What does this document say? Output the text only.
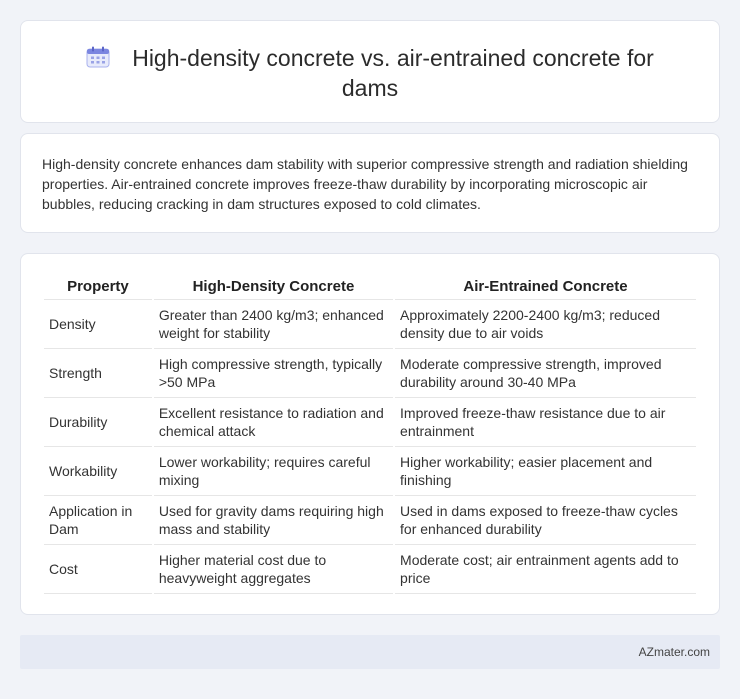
High-density concrete vs. air-entrained concrete for dams

High-density concrete enhances dam stability with superior compressive strength and radiation shielding properties. Air-entrained concrete improves freeze-thaw durability by incorporating microscopic air bubbles, reducing cracking in dam structures exposed to cold climates.

Property	High-Density Concrete	Air-Entrained Concrete
Density	Greater than 2400 kg/m3; enhanced weight for stability	Approximately 2200-2400 kg/m3; reduced density due to air voids
Strength	High compressive strength, typically >50 MPa	Moderate compressive strength, improved durability around 30-40 MPa
Durability	Excellent resistance to radiation and chemical attack	Improved freeze-thaw resistance due to air entrainment
Workability	Lower workability; requires careful mixing	Higher workability; easier placement and finishing
Application in Dam	Used for gravity dams requiring high mass and stability	Used in dams exposed to freeze-thaw cycles for enhanced durability
Cost	Higher material cost due to heavyweight aggregates	Moderate cost; air entrainment agents add to price
AZmater.com
